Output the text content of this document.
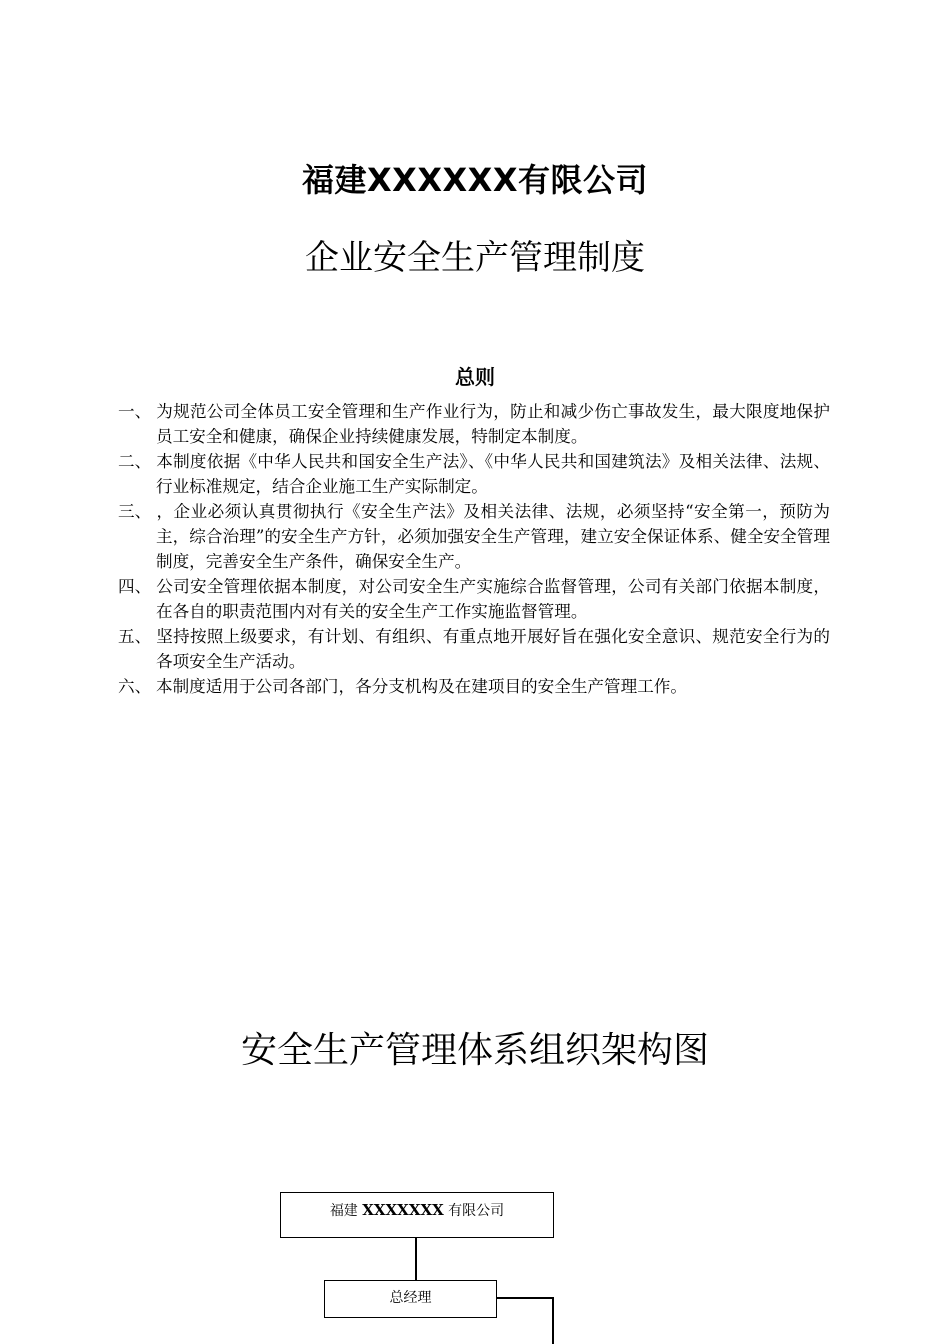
福建XXXXXX有限公司
企业安全生产管理制度
总则
一、 为规范公司全体员工安全管理和生产作业行为，防止和减少伤亡事故发生，最大限度地保护员工安全和健康，确保企业持续健康发展，特制定本制度。
二、 本制度依据《中华人民共和国安全生产法》、《中华人民共和国建筑法》及相关法律、法规、行业标准规定，结合企业施工生产实际制定。
三、 ，企业必须认真贯彻执行《安全生产法》及相关法律、法规，必须坚持“安全第一，预防为主，综合治理”的安全生产方针，必须加强安全生产管理，建立安全保证体系、健全安全管理制度，完善安全生产条件，确保安全生产。
四、 公司安全管理依据本制度，对公司安全生产实施综合监督管理，公司有关部门依据本制度，在各自的职责范围内对有关的安全生产工作实施监督管理。
五、 坚持按照上级要求，有计划、有组织、有重点地开展好旨在强化安全意识、规范安全行为的各项安全生产活动。
六、 本制度适用于公司各部门，各分支机构及在建项目的安全生产管理工作。
安全生产管理体系组织架构图
福建 XXXXXXX 有限公司
总经理
